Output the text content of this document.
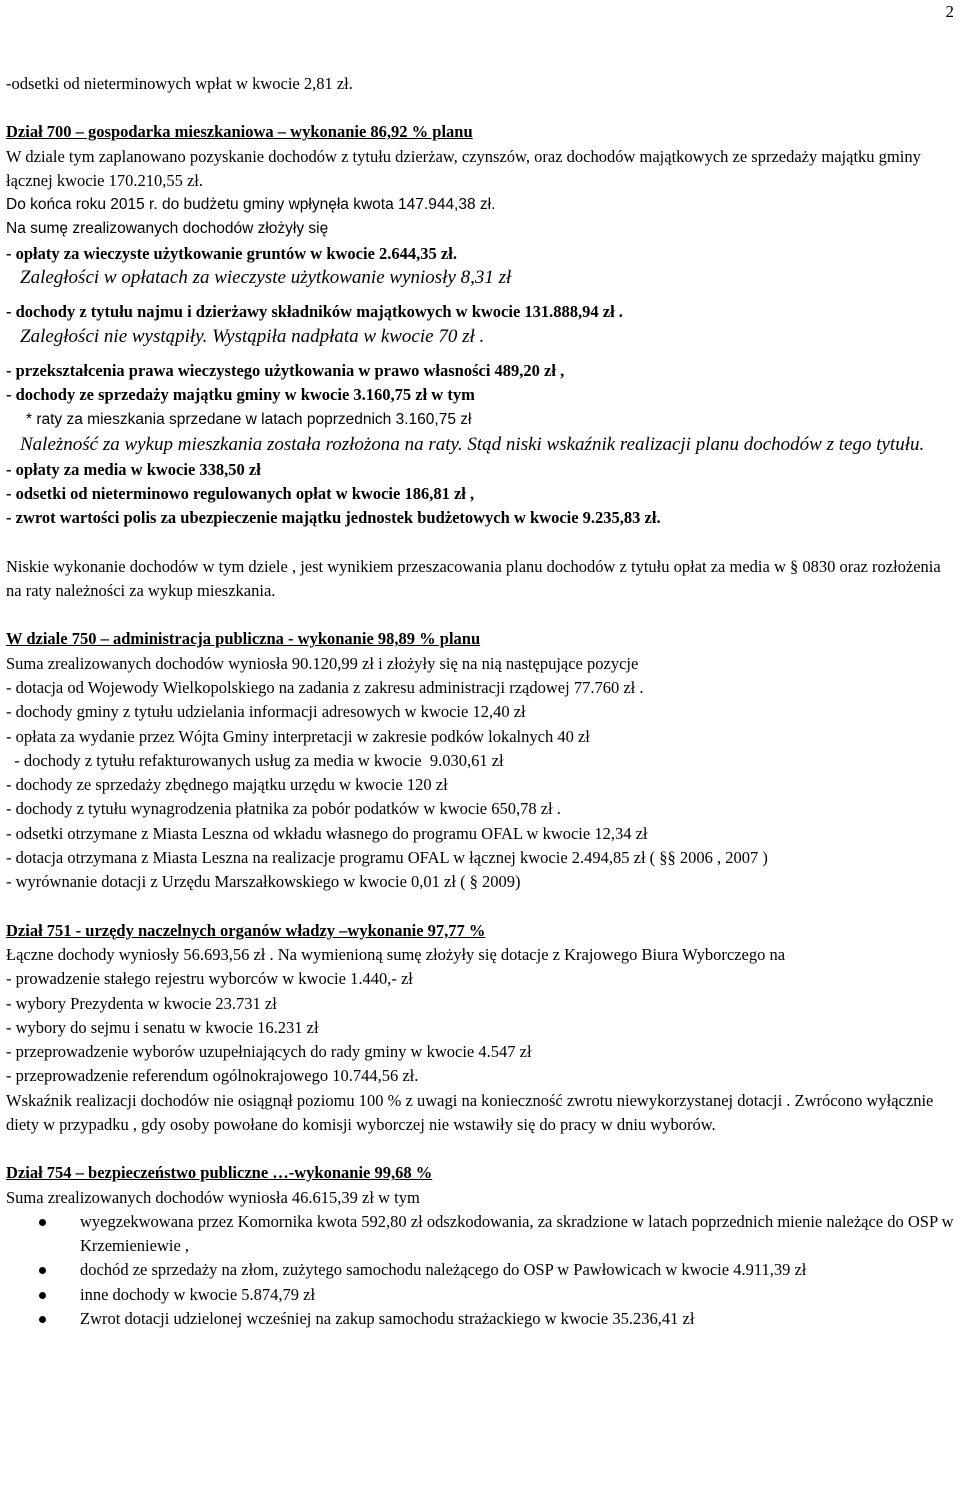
2
-odsetki od nieterminowych wpłat w kwocie 2,81 zł.
Dział 700 – gospodarka mieszkaniowa – wykonanie 86,92 % planu
W dziale tym zaplanowano pozyskanie dochodów z tytułu dzierżaw, czynszów, oraz dochodów majątkowych ze sprzedaży majątku gminy łącznej kwocie 170.210,55 zł.
Do końca roku 2015 r. do budżetu gminy wpłynęła kwota 147.944,38 zł.
Na sumę zrealizowanych dochodów złożyły się
- opłaty za wieczyste użytkowanie gruntów w kwocie 2.644,35 zł.
Zaległości w opłatach za wieczyste użytkowanie wyniosły 8,31 zł
- dochody z tytułu najmu i dzierżawy składników majątkowych w kwocie 131.888,94 zł .
Zaległości nie wystąpiły. Wystąpiła nadpłata w kwocie 70 zł .
- przekształcenia prawa wieczystego użytkowania w prawo własności 489,20 zł ,
- dochody ze sprzedaży majątku gminy w kwocie 3.160,75 zł w tym
* raty za mieszkania sprzedane w latach poprzednich 3.160,75 zł
Należność za wykup mieszkania została rozłożona na raty. Stąd niski wskaźnik realizacji planu dochodów z tego tytułu.
- opłaty za media w kwocie 338,50 zł
- odsetki od nieterminowo regulowanych opłat w kwocie 186,81 zł ,
- zwrot wartości polis za ubezpieczenie majątku jednostek budżetowych w kwocie 9.235,83 zł.
Niskie wykonanie dochodów w tym dziele , jest wynikiem przeszacowania planu dochodów z tytułu opłat za media w § 0830 oraz rozłożenia na raty należności za wykup mieszkania.
W dziale 750 – administracja publiczna - wykonanie 98,89 % planu
Suma zrealizowanych dochodów wyniosła 90.120,99 zł i złożyły się na nią następujące pozycje
- dotacja od Wojewody Wielkopolskiego na zadania z zakresu administracji rządowej 77.760 zł .
- dochody gminy z tytułu udzielania informacji adresowych w kwocie 12,40 zł
- opłata za wydanie przez Wójta Gminy interpretacji w zakresie podków lokalnych 40 zł
- dochody z tytułu refakturowanych usług za media w kwocie  9.030,61 zł
- dochody ze sprzedaży zbędnego majątku urzędu w kwocie 120 zł
- dochody z tytułu wynagrodzenia płatnika za pobór podatków w kwocie 650,78 zł .
- odsetki otrzymane z Miasta Leszna od wkładu własnego do programu OFAL w kwocie 12,34 zł
- dotacja otrzymana z Miasta Leszna na realizacje programu OFAL w łącznej kwocie 2.494,85 zł ( §§ 2006 , 2007 )
- wyrównanie dotacji z Urzędu Marszałkowskiego w kwocie 0,01 zł ( § 2009)
Dział 751 - urzędy naczelnych organów władzy –wykonanie 97,77 %
Łączne dochody wyniosły 56.693,56 zł . Na wymienioną sumę złożyły się dotacje z Krajowego Biura Wyborczego na
- prowadzenie stałego rejestru wyborców w kwocie 1.440,- zł
- wybory Prezydenta w kwocie 23.731 zł
- wybory do sejmu i senatu w kwocie 16.231 zł
- przeprowadzenie wyborów uzupełniających do rady gminy w kwocie 4.547 zł
- przeprowadzenie referendum ogólnokrajowego 10.744,56 zł.
Wskaźnik realizacji dochodów nie osiągnął poziomu 100 % z uwagi na konieczność zwrotu niewykorzystanej dotacji . Zwrócono wyłącznie diety w przypadku , gdy osoby powołane do komisji wyborczej nie wstawiły się do pracy w dniu wyborów.
Dział 754 – bezpieczeństwo publiczne …-wykonanie 99,68 %
Suma zrealizowanych dochodów wyniosła 46.615,39 zł w tym
wyegzekwowana przez Komornika kwota 592,80 zł odszkodowania, za skradzione w latach poprzednich mienie należące do OSP w Krzemieniewie ,
dochód ze sprzedaży na złom, zużytego samochodu należącego do OSP w Pawłowicach w kwocie 4.911,39 zł
inne dochody w kwocie 5.874,79 zł
Zwrot dotacji udzielonej wcześniej na zakup samochodu strażackiego w kwocie 35.236,41 zł
